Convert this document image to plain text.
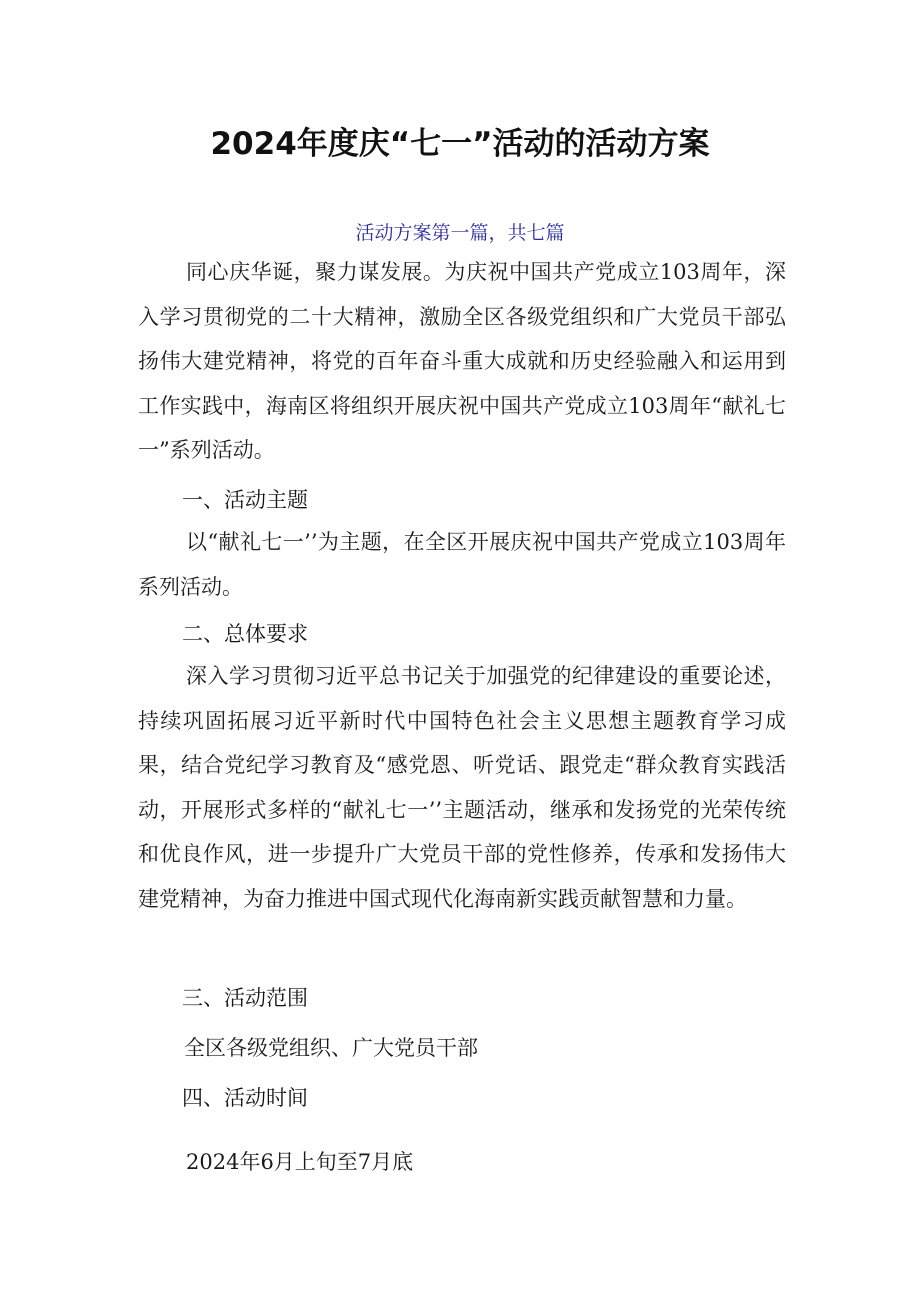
2024年度庆“七一”活动的活动方案

活动方案第一篇，共七篇

同心庆华诞，聚力谋发展。为庆祝中国共产党成立103周年，深入学习贯彻党的二十大精神，激励全区各级党组织和广大党员干部弘扬伟大建党精神，将党的百年奋斗重大成就和历史经验融入和运用到工作实践中，海南区将组织开展庆祝中国共产党成立103周年“献礼七一”系列活动。

一、活动主题

以“献礼七一’’为主题，在全区开展庆祝中国共产党成立103周年系列活动。

二、总体要求

深入学习贯彻习近平总书记关于加强党的纪律建设的重要论述，持续巩固拓展习近平新时代中国特色社会主义思想主题教育学习成果，结合党纪学习教育及“感党恩、听党话、跟党走“群众教育实践活动，开展形式多样的“献礼七一’’主题活动，继承和发扬党的光荣传统和优良作风，进一步提升广大党员干部的党性修养，传承和发扬伟大建党精神，为奋力推进中国式现代化海南新实践贡献智慧和力量。

三、活动范围

全区各级党组织、广大党员干部

四、活动时间

2024年6月上旬至7月底
